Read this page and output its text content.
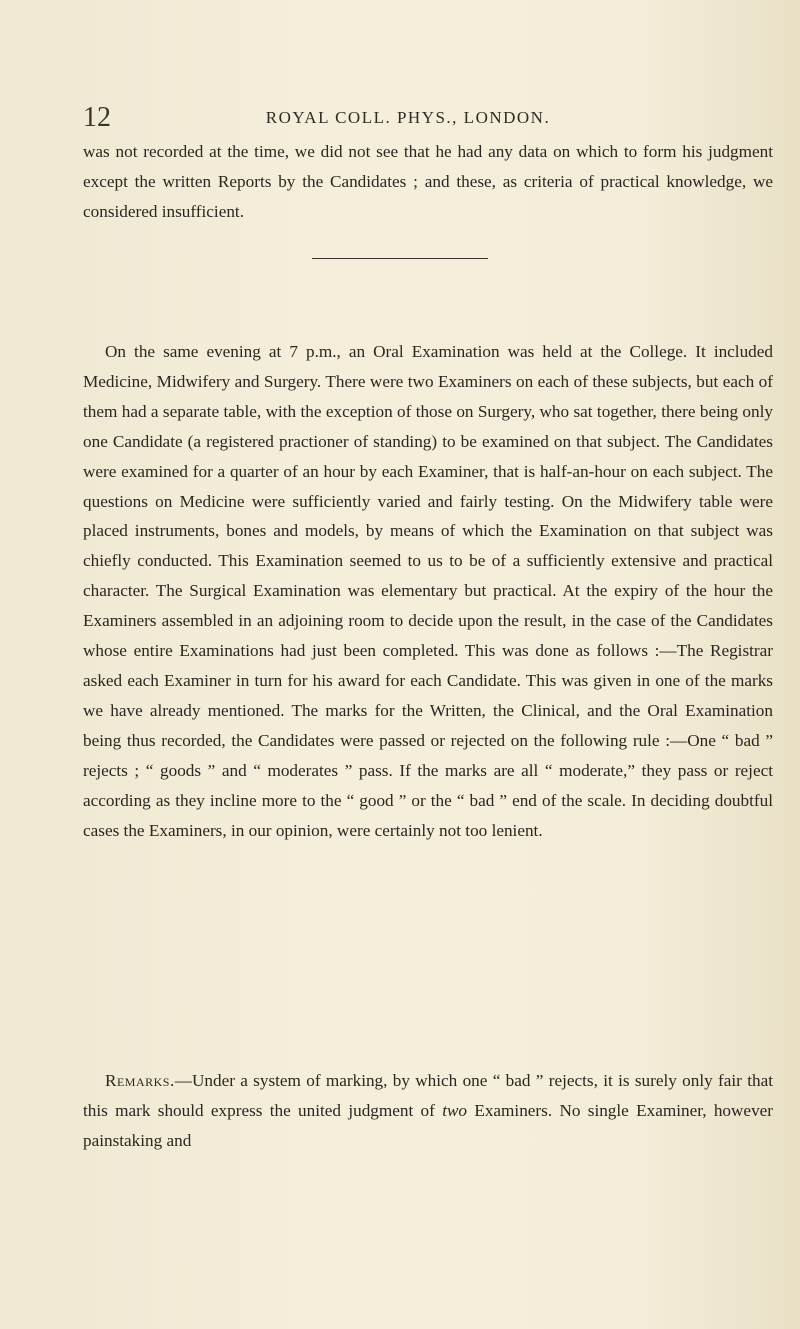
12	ROYAL COLL. PHYS., LONDON.

was not recorded at the time, we did not see that he had any data on which to form his judgment except the written Reports by the Candidates ; and these, as criteria of practical knowledge, we considered insufficient.

On the same evening at 7 p.m., an Oral Examination was held at the College. It included Medicine, Midwifery and Surgery. There were two Examiners on each of these subjects, but each of them had a separate table, with the exception of those on Surgery, who sat together, there being only one Candidate (a registered practioner of standing) to be examined on that subject. The Candidates were examined for a quarter of an hour by each Examiner, that is half-an-hour on each subject. The questions on Medicine were sufficiently varied and fairly testing. On the Midwifery table were placed instruments, bones and models, by means of which the Examination on that subject was chiefly conducted. This Examination seemed to us to be of a sufficiently extensive and practical character. The Surgical Examination was elementary but practical. At the expiry of the hour the Examiners assembled in an adjoining room to decide upon the result, in the case of the Candidates whose entire Examinations had just been completed. This was done as follows :—The Registrar asked each Examiner in turn for his award for each Candidate. This was given in one of the marks we have already mentioned. The marks for the Written, the Clinical, and the Oral Examination being thus recorded, the Candidates were passed or rejected on the following rule :—One “ bad ” rejects ; “ goods ” and “ moderates ” pass. If the marks are all “ moderate,” they pass or reject according as they incline more to the “ good ” or the “ bad ” end of the scale. In deciding doubtful cases the Examiners, in our opinion, were certainly not too lenient.

Remarks.—Under a system of marking, by which one “ bad ” rejects, it is surely only fair that this mark should express the united judgment of two Examiners. No single Examiner, however painstaking and
